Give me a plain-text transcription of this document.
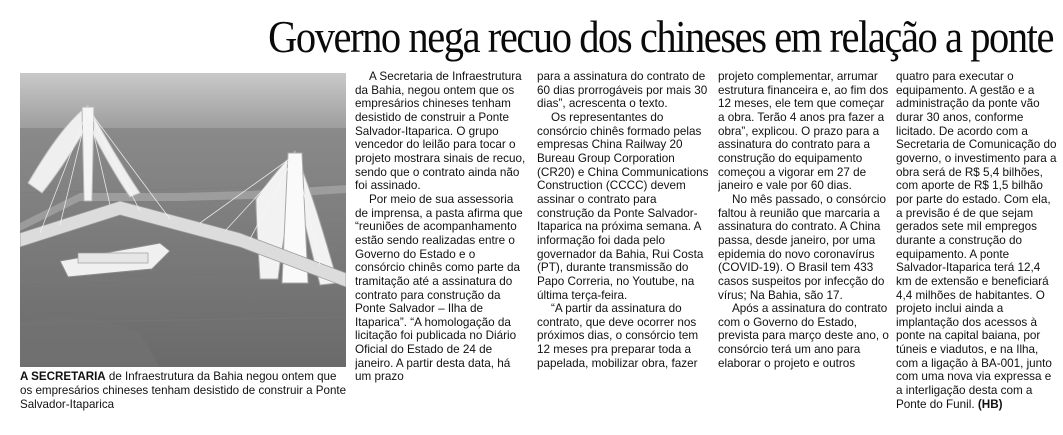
Governo nega recuo dos chineses em relação a ponte
A SECRETARIA de Infraestrutura da Bahia negou ontem que os empresários chineses tenham desistido de construir a Ponte Salvador-Itaparica

A Secretaria de Infraestrutura da Bahia, negou ontem que os empresários chineses tenham desistido de construir a Ponte Salvador-Itaparica. O grupo vencedor do leilão para tocar o projeto mostrara sinais de recuo, sendo que o contrato ainda não foi assinado.

Por meio de sua assessoria de imprensa, a pasta afirma que “reuniões de acompanhamento estão sendo realizadas entre o Governo do Estado e o consórcio chinês como parte da tramitação até a assinatura do contrato para construção da Ponte Salvador – Ilha de Itaparica”. “A homologação da licitação foi publicada no Diário Oficial do Estado de 24 de janeiro. A partir desta data, há um prazo

para a assinatura do contrato de 60 dias prorrogáveis por mais 30 dias”, acrescenta o texto.

Os representantes do consórcio chinês formado pelas empresas China Railway 20 Bureau Group Corporation (CR20) e China Communications Construction (CCCC) devem assinar o contrato para construção da Ponte Salvador-Itaparica na próxima semana. A informação foi dada pelo governador da Bahia, Rui Costa (PT), durante transmissão do Papo Correria, no Youtube, na última terça-feira.

“A partir da assinatura do contrato, que deve ocorrer nos próximos dias, o consórcio tem 12 meses pra preparar toda a papelada, mobilizar obra, fazer

projeto complementar, arrumar estrutura financeira e, ao fim dos 12 meses, ele tem que começar a obra. Terão 4 anos pra fazer a obra”, explicou. O prazo para a assinatura do contrato para a construção do equipamento começou a vigorar em 27 de janeiro e vale por 60 dias.

No mês passado, o consórcio faltou à reunião que marcaria a assinatura do contrato. A China passa, desde janeiro, por uma epidemia do novo coronavírus (COVID-19). O Brasil tem 433 casos suspeitos por infecção do vírus; Na Bahia, são 17.

Após a assinatura do contrato com o Governo do Estado, prevista para março deste ano, o consórcio terá um ano para elaborar o projeto e outros

quatro para executar o equipamento. A gestão e a administração da ponte vão durar 30 anos, conforme licitado. De acordo com a Secretaria de Comunicação do governo, o investimento para a obra será de R$ 5,4 bilhões, com aporte de R$ 1,5 bilhão por parte do estado. Com ela, a previsão é de que sejam gerados sete mil empregos durante a construção do equipamento. A ponte Salvador-Itaparica terá 12,4 km de extensão e beneficiará 4,4 milhões de habitantes. O projeto inclui ainda a implantação dos acessos à ponte na capital baiana, por túneis e viadutos, e na Ilha, com a ligação à BA-001, junto com uma nova via expressa e a interligação desta com a Ponte do Funil. (HB)
